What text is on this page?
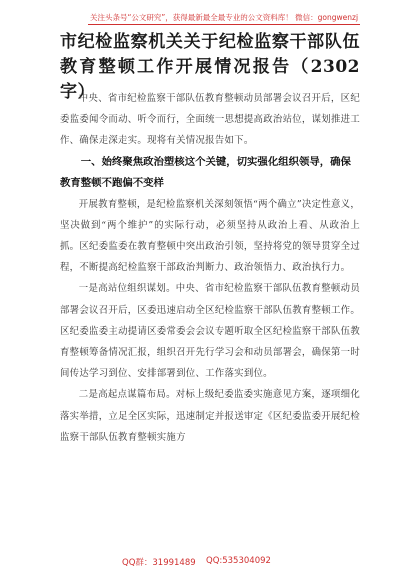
关注头条号“公文研究”，获得最新最全最专业的公文资料库！ 微信：gongwenzj
市纪检监察机关关于纪检监察干部队伍教育整顿工作开展情况报告（2302字）

中央、省市纪检监察干部队伍教育整顿动员部署会议召开后，区纪委监委闻令而动、听令而行，全面统一思想提高政治站位，谋划推进工作、确保走深走实。现将有关情况报告如下。

一、始终聚焦政治塑核这个关键，切实强化组织领导，确保教育整顿不跑偏不变样

开展教育整顿，是纪检监察机关深刻领悟“两个确立”决定性意义，坚决做到“两个维护”的实际行动，必须坚持从政治上看、从政治上抓。区纪委监委在教育整顿中突出政治引领，坚持将党的领导贯穿全过程，不断提高纪检监察干部政治判断力、政治领悟力、政治执行力。

一是高站位组织谋划。中央、省市纪检监察干部队伍教育整顿动员部署会议召开后，区委迅速启动全区纪检监察干部队伍教育整顿工作。区纪委监委主动提请区委常委会会议专题听取全区纪检监察干部队伍教育整顿筹备情况汇报，组织召开先行学习会和动员部署会，确保第一时间传达学习到位、安排部署到位、工作落实到位。

二是高起点谋篇布局。对标上级纪委监委实施意见方案，逐项细化落实举措，立足全区实际，迅速制定并报送审定《区纪委监委开展纪检监察干部队伍教育整顿实施方

QQ群：31991489 QQ:535304092
